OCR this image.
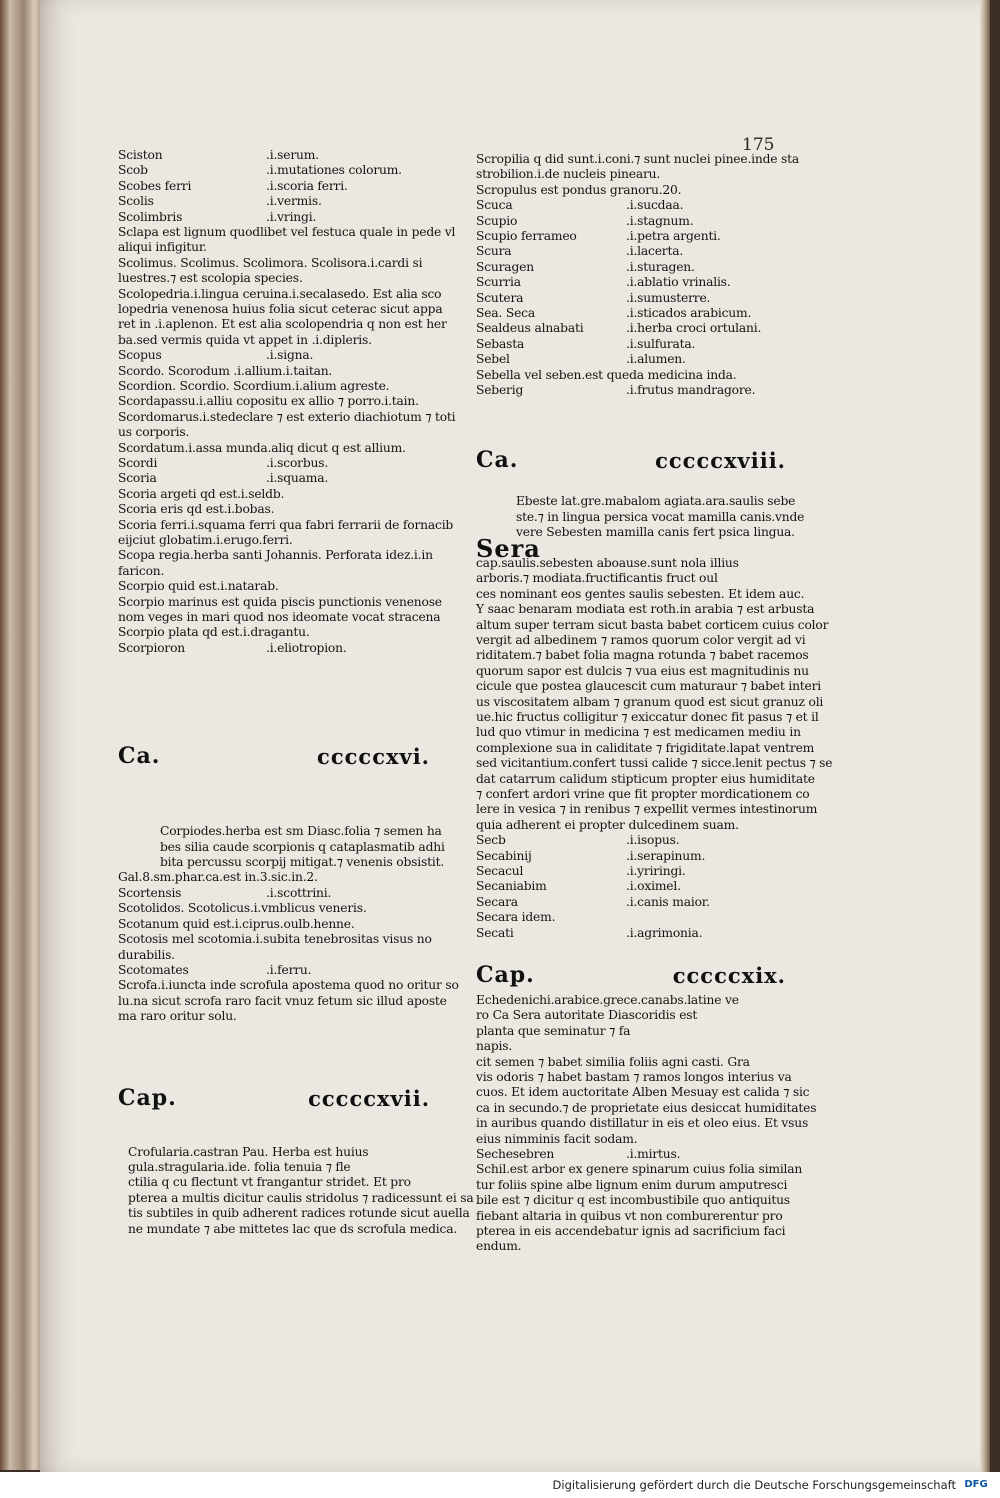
175
Sciston	.i.serum.
Scob	.i.mutationes colorum.
Scobes ferri	.i.scoria ferri.
Scolis	.i.vermis.
Scolimbris	.i.vringi.
Sclapa est lignum quodlibet vel festuca quale in pede vl
aliqui infigitur.
Scolimus. Scolimus. Scolimora. Scolisora.i.cardi si
luestres.⁊ est scolopia species.
Scolopedria.i.lingua ceruina.i.secalasedo. Est alia sco
lopedria venenosa huius folia sicut ceterac sicut appa
ret in .i.aplenon. Et est alia scolopendria q non est her
ba.sed vermis quida vt appet in .i.dipleris.
Scopus	.i.signa.
Scordo. Scorodum .i.allium.i.taitan.
Scordion. Scordio. Scordium.i.alium agreste.
Scordapassu.i.alliu copositu ex allio ⁊ porro.i.tain.
Scordomarus.i.stedeclare ⁊ est exterio diachiotum ⁊ toti
us corporis.
Scordatum.i.assa munda.aliq dicut q est allium.
Scordi	.i.scorbus.
Scoria	.i.squama.
Scoria argeti qd est.i.seldb.
Scoria eris qd est.i.bobas.
Scoria ferri.i.squama ferri qua fabri ferrarii de fornacib
eijciut globatim.i.erugo.ferri.
Scopa regia.herba santi Johannis. Perforata idez.i.in
faricon.
Scorpio quid est.i.natarab.
Scorpio marinus est quida piscis punctionis venenose
nom veges in mari quod nos ideomate vocat stracena
Scorpio plata qd est.i.dragantu.
Scorpioron	.i.eliotropion.
Ca.	cccccxvi.
Corpiodes.herba est sm Diasc.folia ⁊ semen ha
bes silia caude scorpionis q cataplasmatib adhi
bita percussu scorpij mitigat.⁊ venenis obsistit.
Gal.8.sm.phar.ca.est in.3.sic.in.2.
Scortensis	.i.scottrini.
Scotolidos. Scotolicus.i.vmblicus veneris.
Scotanum quid est.i.ciprus.oulb.henne.
Scotosis mel scotomia.i.subita tenebrositas visus no
durabilis.
Scotomates	.i.ferru.
Scrofa.i.iuncta inde scrofula apostema quod no oritur so
lu.na sicut scrofa raro facit vnuz fetum sic illud aposte
ma raro oritur solu.
Cap.	cccccxvii.
Crofularia.castran Pau. Herba est huius
gula.stragularia.ide. folia tenuia ⁊ fle
ctilia q cu flectunt vt frangantur stridet. Et pro
pterea a multis dicitur caulis stridolus ⁊ radicessunt ei sa
tis subtiles in quib adherent radices rotunde sicut auella
ne mundate ⁊ abe mittetes lac que ds scrofula medica.
Scropilia q did sunt.i.coni.⁊ sunt nuclei pinee.inde sta
strobilion.i.de nucleis pinearu.
Scropulus est pondus granoru.20.
Scuca	.i.sucdaa.
Scupio	.i.stagnum.
Scupio ferrameo	.i.petra argenti.
Scura	.i.lacerta.
Scuragen	.i.sturagen.
Scurria	.i.ablatio vrinalis.
Scutera	.i.sumusterre.
Sea. Seca	.i.sticados arabicum.
Sealdeus alnabati	.i.herba croci ortulani.
Sebasta	.i.sulfurata.
Sebel	.i.alumen.
Sebella vel seben.est queda medicina inda.
Seberig	.i.frutus mandragore.
Ca.	cccccxviii.
Ebeste lat.gre.mabalom agiata.ara.saulis sebe
ste.⁊ in lingua persica vocat mamilla canis.vnde
vere Sebesten mamilla canis fert psica lingua.
Sera
cap.saulis.sebesten aboause.sunt nola illius
arboris.⁊ modiata.fructificantis fruct oul
ces nominant eos gentes saulis sebesten. Et idem auc.
Y saac benaram modiata est roth.in arabia ⁊ est arbusta
altum super terram sicut basta babet corticem cuius color
vergit ad albedinem ⁊ ramos quorum color vergit ad vi
riditatem.⁊ babet folia magna rotunda ⁊ babet racemos
quorum sapor est dulcis ⁊ vua eius est magnitudinis nu
cicule que postea glaucescit cum maturaur ⁊ babet interi
us viscositatem albam ⁊ granum quod est sicut granuz oli
ue.hic fructus colligitur ⁊ exiccatur donec fit pasus ⁊ et il
lud quo vtimur in medicina ⁊ est medicamen mediu in
complexione sua in caliditate ⁊ frigiditate.lapat ventrem
sed vicitantium.confert tussi calide ⁊ sicce.lenit pectus ⁊ se
dat catarrum calidum stipticum propter eius humiditate
⁊ confert ardori vrine que fit propter mordicationem co
lere in vesica ⁊ in renibus ⁊ expellit vermes intestinorum
quia adherent ei propter dulcedinem suam.
Secb	.i.isopus.
Secabinij	.i.serapinum.
Secacul	.i.yriringi.
Secaniabim	.i.oximel.
Secara	.i.canis maior.
Secara idem.
Secati	.i.agrimonia.
Cap.	cccccxix.
Echedenichi.arabice.grece.canabs.latine ve
ro Ca Sera autoritate Diascoridis est
planta que seminatur ⁊ fa
napis.
cit semen ⁊ babet similia foliis agni casti. Gra
vis odoris ⁊ habet bastam ⁊ ramos longos interius va
cuos. Et idem auctoritate Alben Mesuay est calida ⁊ sic
ca in secundo.⁊ de proprietate eius desiccat humiditates
in auribus quando distillatur in eis et oleo eius. Et vsus
eius nimminis facit sodam.
Sechesebren	.i.mirtus.
Schil.est arbor ex genere spinarum cuius folia similan
tur foliis spine albe lignum enim durum amputresci
bile est ⁊ dicitur q est incombustibile quo antiquitus
fiebant altaria in quibus vt non comburerentur pro
pterea in eis accendebatur ignis ad sacrificium faci
endum.
Digitalisierung gefördert durch die Deutsche Forschungsgemeinschaft DFG
